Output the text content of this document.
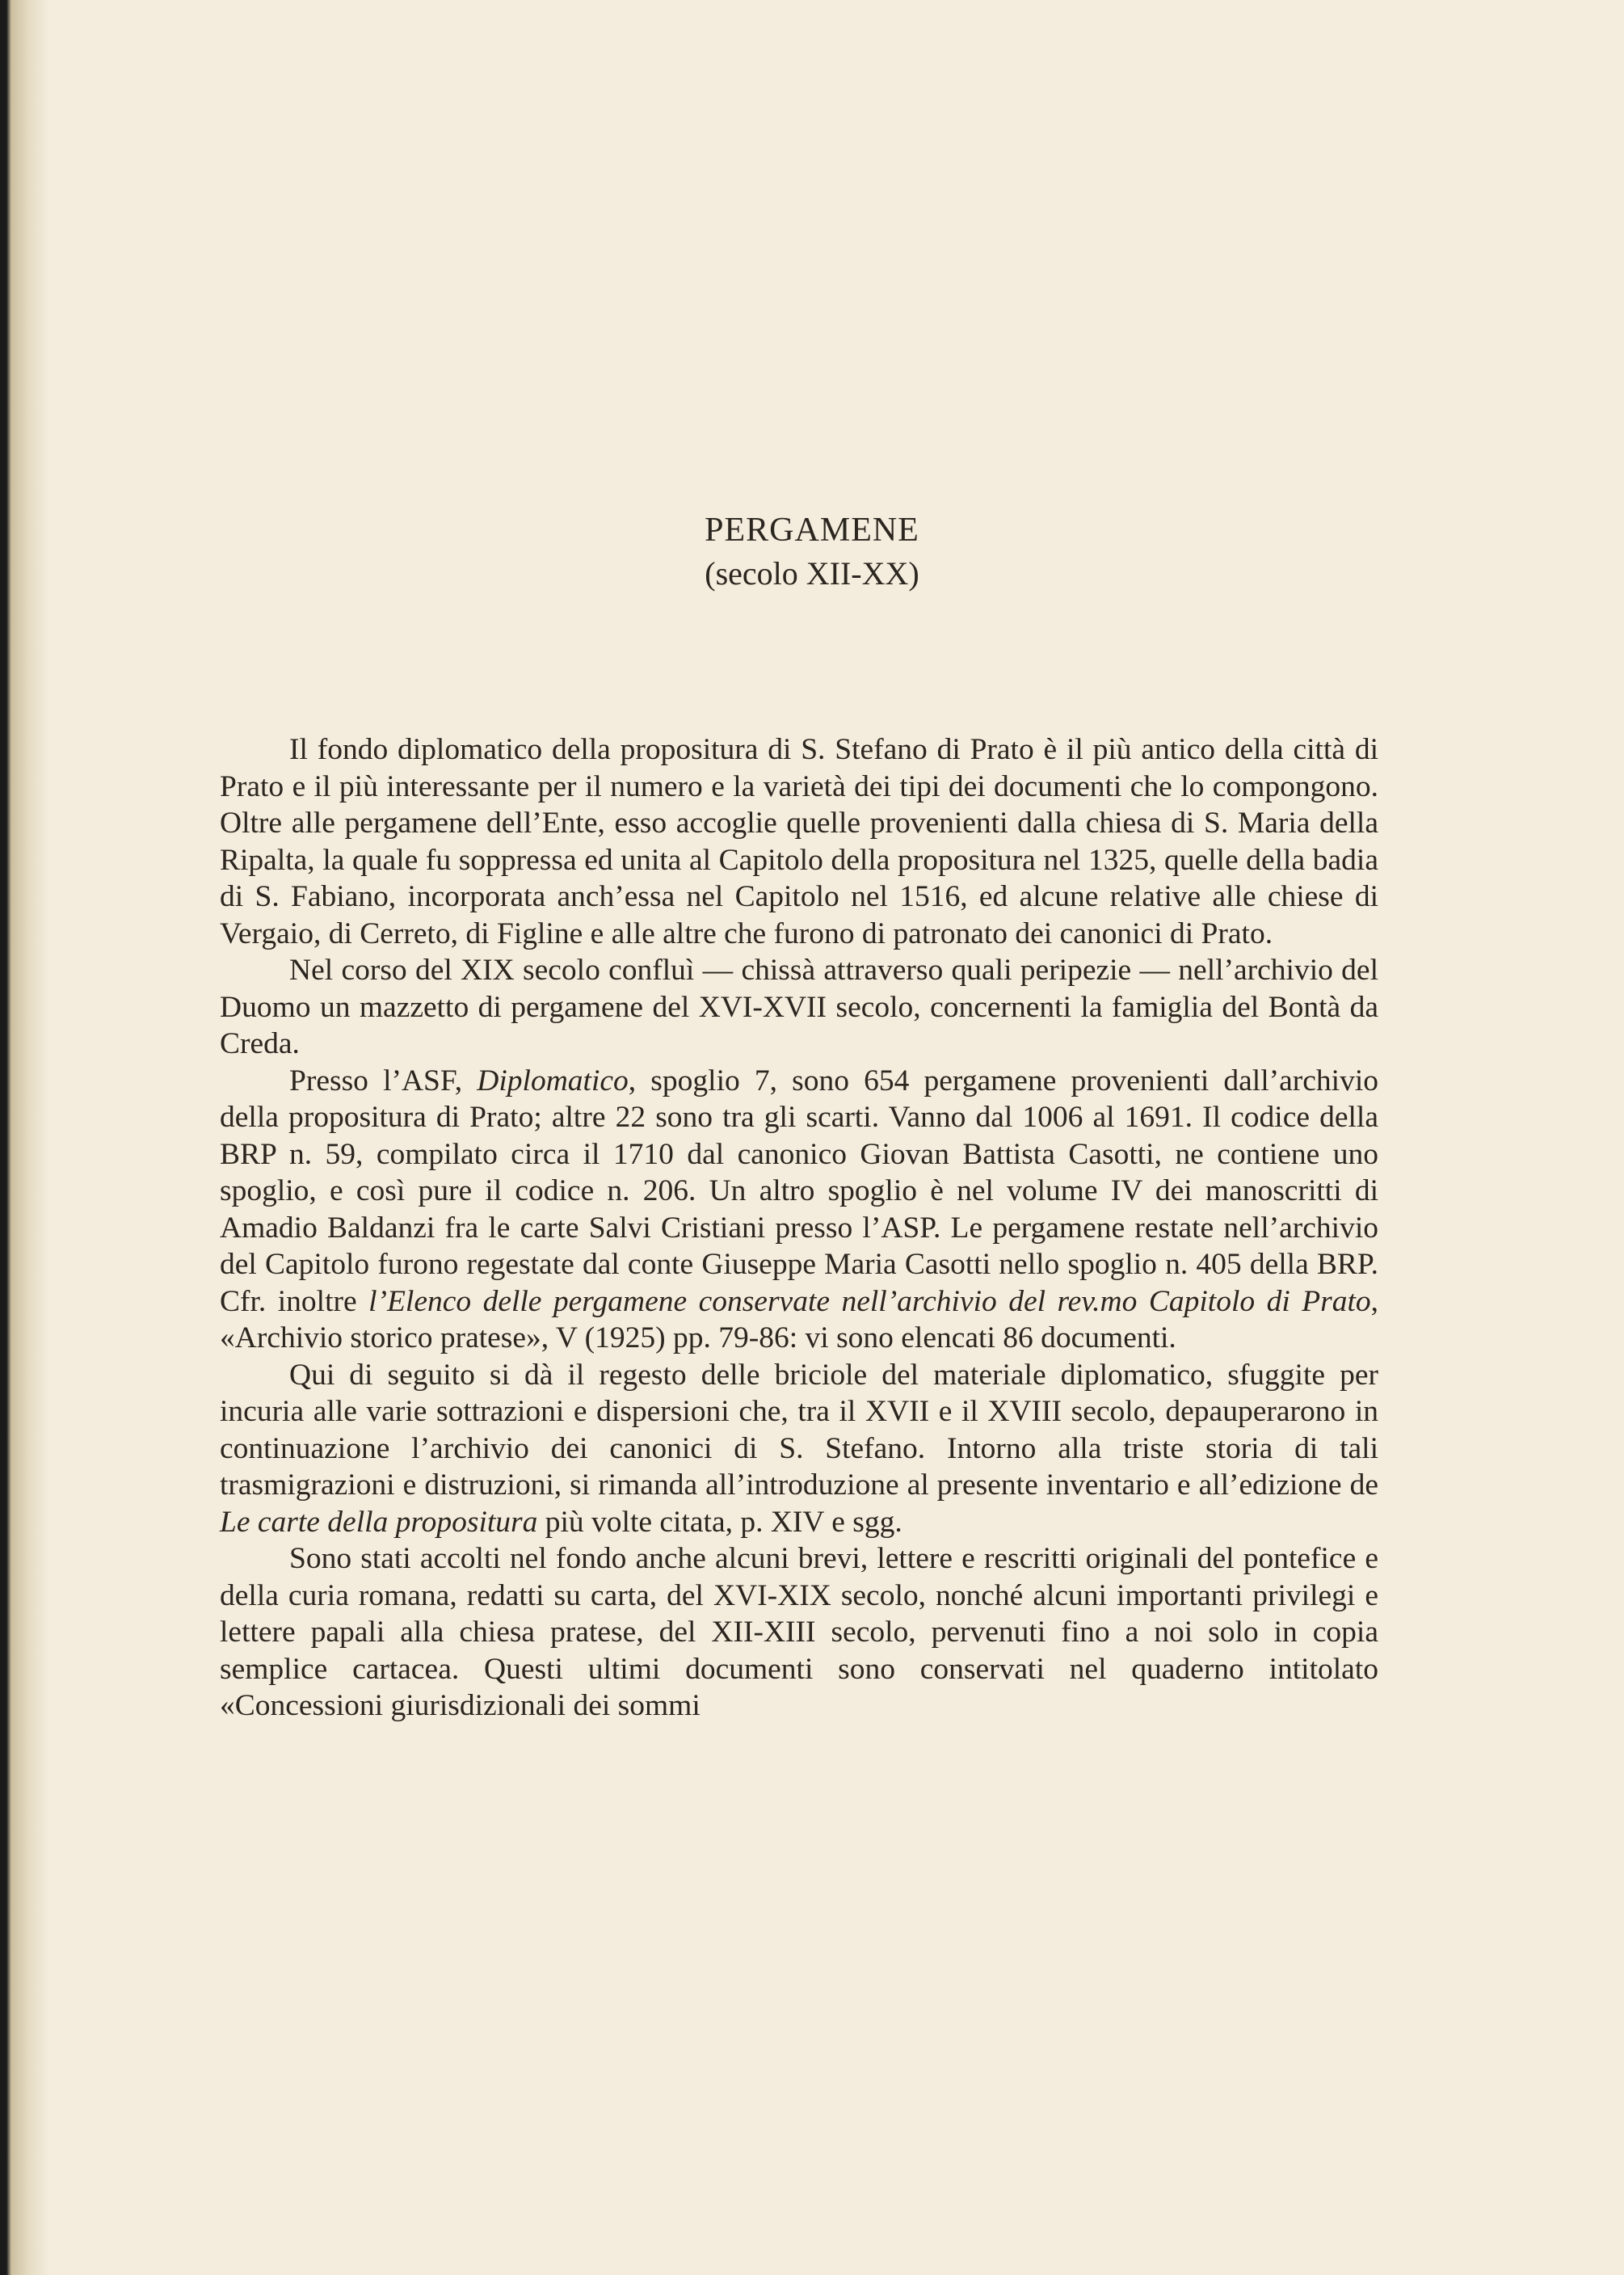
PERGAMENE
(secolo XII-XX)

Il fondo diplomatico della propositura di S. Stefano di Prato è il più antico della città di Prato e il più interessante per il numero e la varietà dei tipi dei documenti che lo compongono. Oltre alle pergamene dell’Ente, esso accoglie quelle provenienti dalla chiesa di S. Maria della Ripalta, la quale fu soppressa ed unita al Capitolo della propositura nel 1325, quelle della badia di S. Fabiano, incorporata anch’essa nel Capitolo nel 1516, ed alcune relative alle chiese di Vergaio, di Cerreto, di Figline e alle altre che furono di patronato dei canonici di Prato.

Nel corso del XIX secolo confluì — chissà attraverso quali peripezie — nell’archivio del Duomo un mazzetto di pergamene del XVI-XVII secolo, concernenti la famiglia del Bontà da Creda.

Presso l’ASF, Diplomatico, spoglio 7, sono 654 pergamene provenienti dall’archivio della propositura di Prato; altre 22 sono tra gli scarti. Vanno dal 1006 al 1691. Il codice della BRP n. 59, compilato circa il 1710 dal canonico Giovan Battista Casotti, ne contiene uno spoglio, e così pure il codice n. 206. Un altro spoglio è nel volume IV dei manoscritti di Amadio Baldanzi fra le carte Salvi Cristiani presso l’ASP. Le pergamene restate nell’archivio del Capitolo furono regestate dal conte Giuseppe Maria Casotti nello spoglio n. 405 della BRP. Cfr. inoltre l’Elenco delle pergamene conservate nell’archivio del rev.mo Capitolo di Prato, «Archivio storico pratese», V (1925) pp. 79-86: vi sono elencati 86 documenti.

Qui di seguito si dà il regesto delle briciole del materiale diplomatico, sfuggite per incuria alle varie sottrazioni e dispersioni che, tra il XVII e il XVIII secolo, depauperarono in continuazione l’archivio dei canonici di S. Stefano. Intorno alla triste storia di tali trasmigrazioni e distruzioni, si rimanda all’introduzione al presente inventario e all’edizione de Le carte della propositura più volte citata, p. XIV e sgg.

Sono stati accolti nel fondo anche alcuni brevi, lettere e rescritti originali del pontefice e della curia romana, redatti su carta, del XVI-XIX secolo, nonché alcuni importanti privilegi e lettere papali alla chiesa pratese, del XII-XIII secolo, pervenuti fino a noi solo in copia semplice cartacea. Questi ultimi documenti sono conservati nel quaderno intitolato «Concessioni giurisdizionali dei sommi
